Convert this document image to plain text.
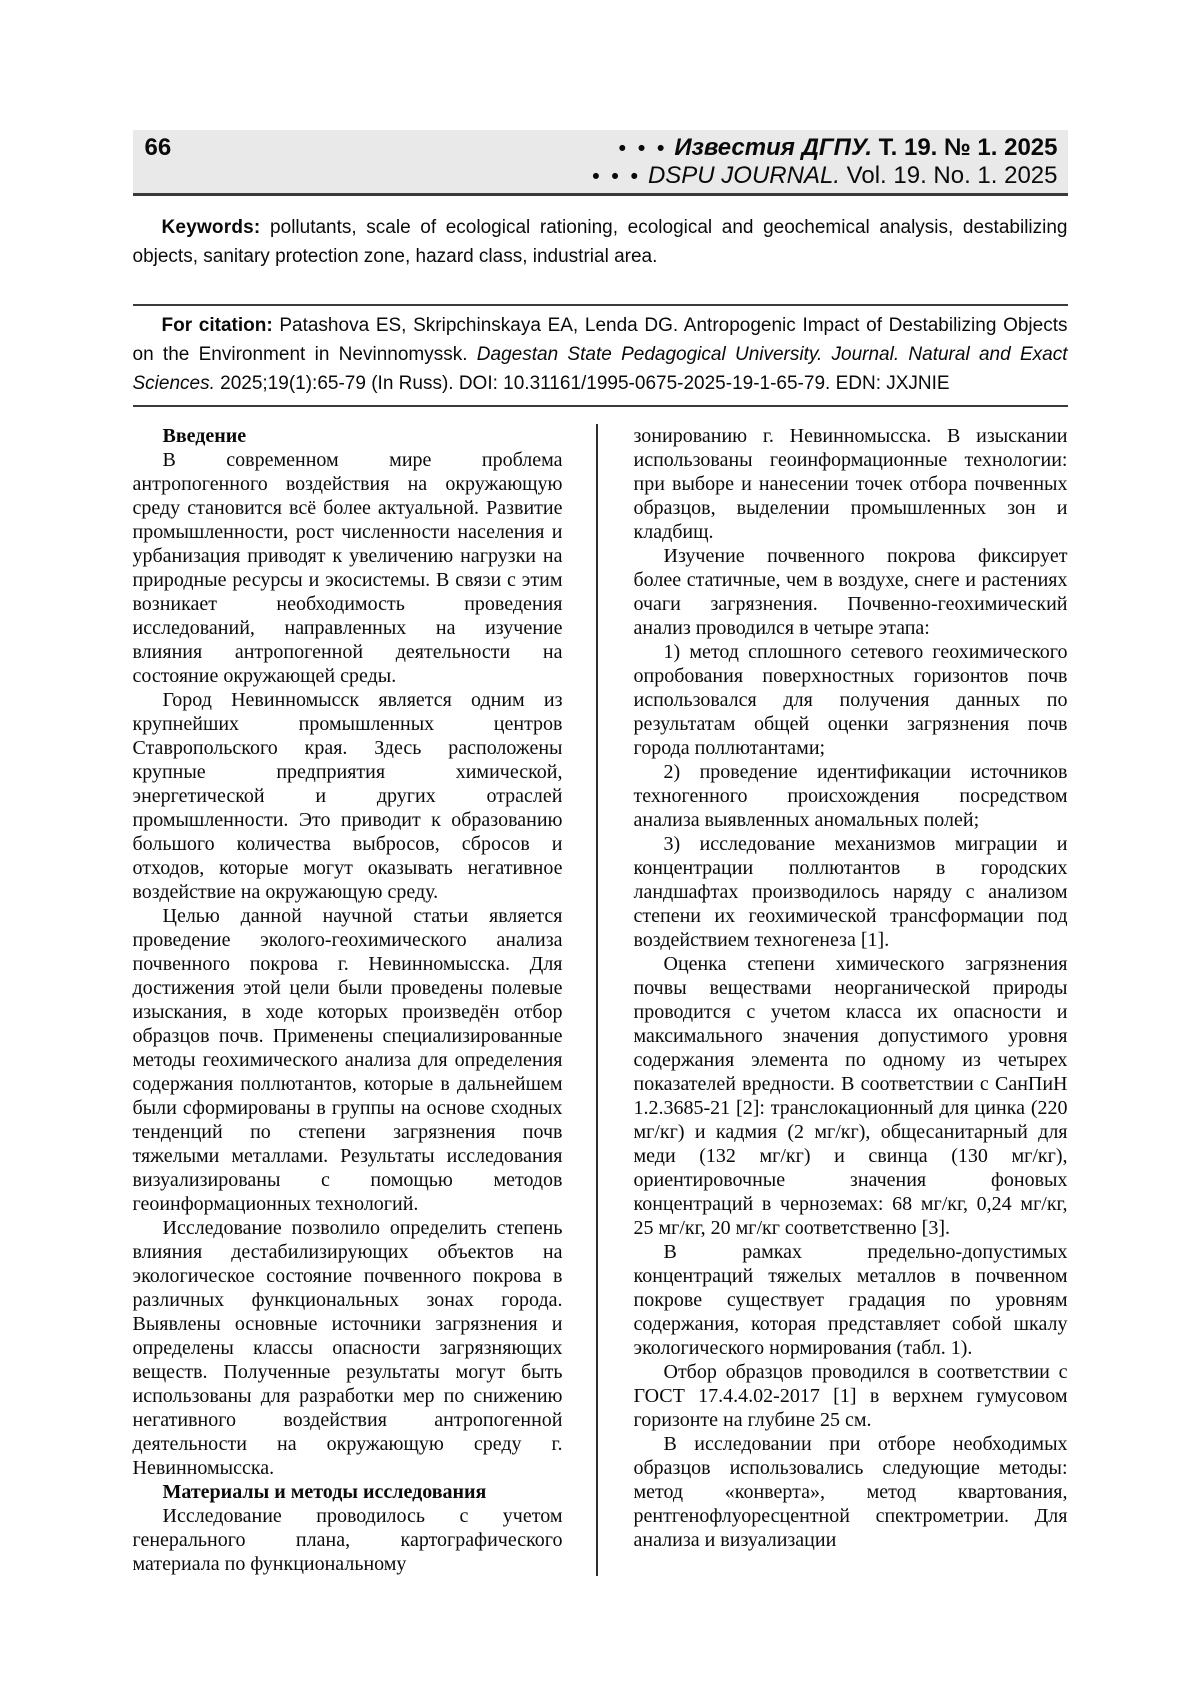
66	• • • Известия ДГПУ. Т. 19. № 1. 2025
• • • DSPU JOURNAL. Vol. 19. No. 1. 2025

Keywords: pollutants, scale of ecological rationing, ecological and geochemical analysis, destabilizing objects, sanitary protection zone, hazard class, industrial area.

For citation: Patashova ES, Skripchinskaya EA, Lenda DG. Antropogenic Impact of Destabilizing Objects on the Environment in Nevinnomyssk. Dagestan State Pedagogical University. Journal. Natural and Exact Sciences. 2025;19(1):65-79 (In Russ). DOI: 10.31161/1995-0675-2025-19-1-65-79. EDN: JXJNIE

Введение

В современном мире проблема антропогенного воздействия на окружающую среду становится всё более актуальной. Развитие промышленности, рост численности населения и урбанизация приводят к увеличению нагрузки на природные ресурсы и экосистемы. В связи с этим возникает необходимость проведения исследований, направленных на изучение влияния антропогенной деятельности на состояние окружающей среды.

Город Невинномысск является одним из крупнейших промышленных центров Ставропольского края. Здесь расположены крупные предприятия химической, энергетической и других отраслей промышленности. Это приводит к образованию большого количества выбросов, сбросов и отходов, которые могут оказывать негативное воздействие на окружающую среду.

Целью данной научной статьи является проведение эколого-геохимического анализа почвенного покрова г. Невинномысска. Для достижения этой цели были проведены полевые изыскания, в ходе которых произведён отбор образцов почв. Применены специализированные методы геохимического анализа для определения содержания поллютантов, которые в дальнейшем были сформированы в группы на основе сходных тенденций по степени загрязнения почв тяжелыми металлами. Результаты исследования визуализированы с помощью методов геоинформационных технологий.

Исследование позволило определить степень влияния дестабилизирующих объектов на экологическое состояние почвенного покрова в различных функциональных зонах города. Выявлены основные источники загрязнения и определены классы опасности загрязняющих веществ. Полученные результаты могут быть использованы для разработки мер по снижению негативного воздействия антропогенной деятельности на окружающую среду г. Невинномысска.

Материалы и методы исследования

Исследование проводилось с учетом генерального плана, картографического материала по функциональному

зонированию г. Невинномысска. В изыскании использованы геоинформационные технологии: при выборе и нанесении точек отбора почвенных образцов, выделении промышленных зон и кладбищ.

Изучение почвенного покрова фиксирует более статичные, чем в воздухе, снеге и растениях очаги загрязнения. Почвенно-геохимический анализ проводился в четыре этапа:

1) метод сплошного сетевого геохимического опробования поверхностных горизонтов почв использовался для получения данных по результатам общей оценки загрязнения почв города поллютантами;

2) проведение идентификации источников техногенного происхождения посредством анализа выявленных аномальных полей;

3) исследование механизмов миграции и концентрации поллютантов в городских ландшафтах производилось наряду с анализом степени их геохимической трансформации под воздействием техногенеза [1].

Оценка степени химического загрязнения почвы веществами неорганической природы проводится с учетом класса их опасности и максимального значения допустимого уровня содержания элемента по одному из четырех показателей вредности. В соответствии с СанПиН 1.2.3685-21 [2]: транслокационный для цинка (220 мг/кг) и кадмия (2 мг/кг), общесанитарный для меди (132 мг/кг) и свинца (130 мг/кг), ориентировочные значения фоновых концентраций в черноземах: 68 мг/кг, 0,24 мг/кг, 25 мг/кг, 20 мг/кг соответственно [3].

В рамках предельно-допустимых концентраций тяжелых металлов в почвенном покрове существует градация по уровням содержания, которая представляет собой шкалу экологического нормирования (табл. 1).

Отбор образцов проводился в соответствии с ГОСТ 17.4.4.02-2017 [1] в верхнем гумусовом горизонте на глубине 25 см.

В исследовании при отборе необходимых образцов использовались следующие методы: метод «конверта», метод квартования, рентгенофлуоресцентной спектрометрии. Для анализа и визуализации
